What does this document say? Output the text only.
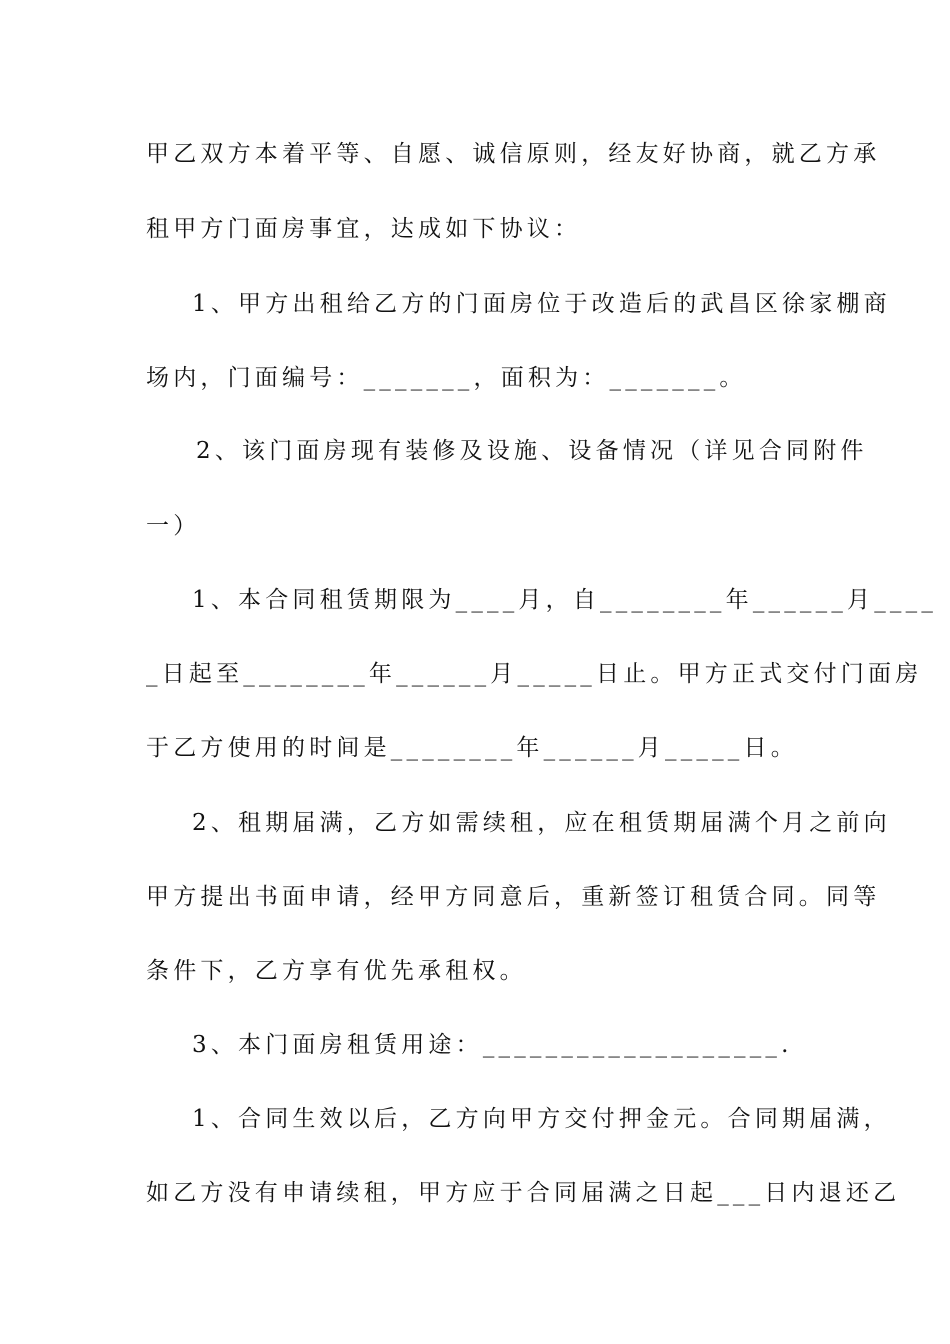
甲乙双方本着平等、自愿、诚信原则，经友好协商，就乙方承
租甲方门面房事宜，达成如下协议：
1、甲方出租给乙方的门面房位于改造后的武昌区徐家棚商
场内，门面编号：_______，面积为：_______。
2、该门面房现有装修及设施、设备情况（详见合同附件
一）
1、本合同租赁期限为____月，自________年______月____
_日起至________年______月_____日止。甲方正式交付门面房
于乙方使用的时间是________年______月_____日。
2、租期届满，乙方如需续租，应在租赁期届满个月之前向
甲方提出书面申请，经甲方同意后，重新签订租赁合同。同等
条件下，乙方享有优先承租权。
3、本门面房租赁用途：___________________.
1、合同生效以后，乙方向甲方交付押金元。合同期届满，
如乙方没有申请续租，甲方应于合同届满之日起___日内退还乙
